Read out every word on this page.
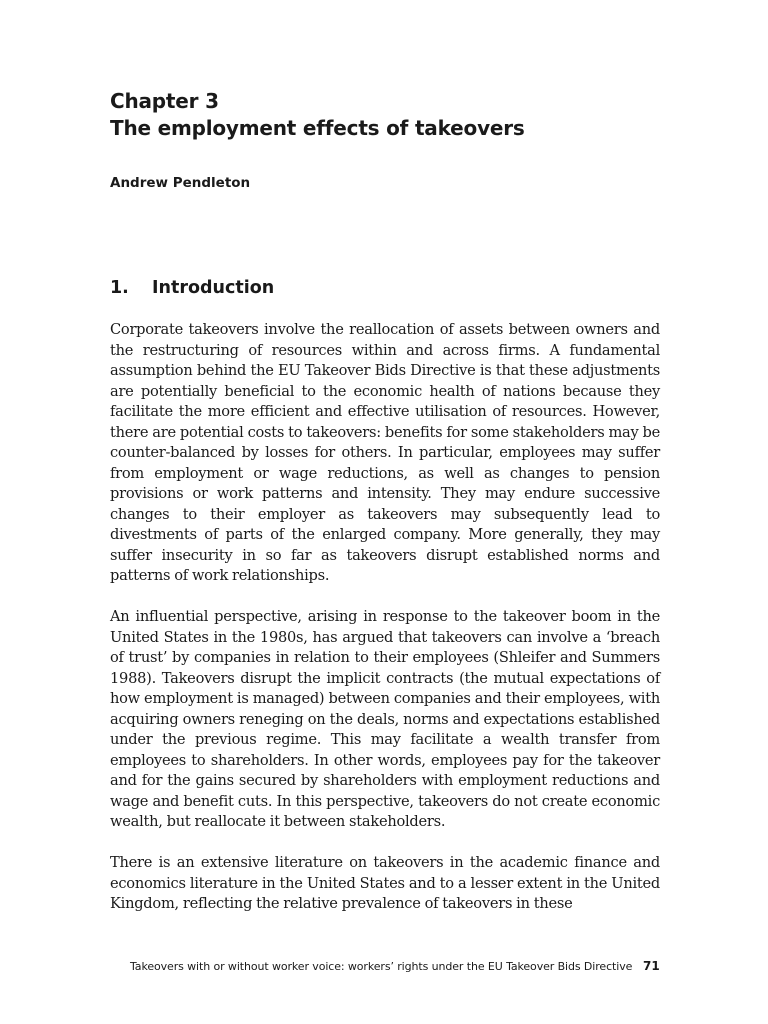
Chapter 3
The employment effects of takeovers

Andrew Pendleton

1. Introduction

Corporate takeovers involve the reallocation of assets between owners and the restructuring of resources within and across firms. A fundamental assumption behind the EU Takeover Bids Directive is that these adjustments are potentially beneficial to the economic health of nations because they facilitate the more efficient and effective utilisation of resources. However, there are potential costs to takeovers: benefits for some stakeholders may be counter-balanced by losses for others. In particular, employees may suffer from employment or wage reductions, as well as changes to pension provisions or work patterns and intensity. They may endure successive changes to their employer as takeovers may subsequently lead to divestments of parts of the enlarged company. More generally, they may suffer insecurity in so far as takeovers disrupt established norms and patterns of work relationships.

An influential perspective, arising in response to the takeover boom in the United States in the 1980s, has argued that takeovers can involve a ‘breach of trust’ by companies in relation to their employees (Shleifer and Summers 1988). Takeovers disrupt the implicit contracts (the mutual expectations of how employment is managed) between companies and their employees, with acquiring owners reneging on the deals, norms and expectations established under the previous regime. This may facilitate a wealth transfer from employees to shareholders. In other words, employees pay for the takeover and for the gains secured by shareholders with employment reductions and wage and benefit cuts. In this perspective, takeovers do not create economic wealth, but reallocate it between stakeholders.

There is an extensive literature on takeovers in the academic finance and economics literature in the United States and to a lesser extent in the United Kingdom, reflecting the relative prevalence of takeovers in these

Takeovers with or without worker voice: workers’ rights under the EU Takeover Bids Directive 71
